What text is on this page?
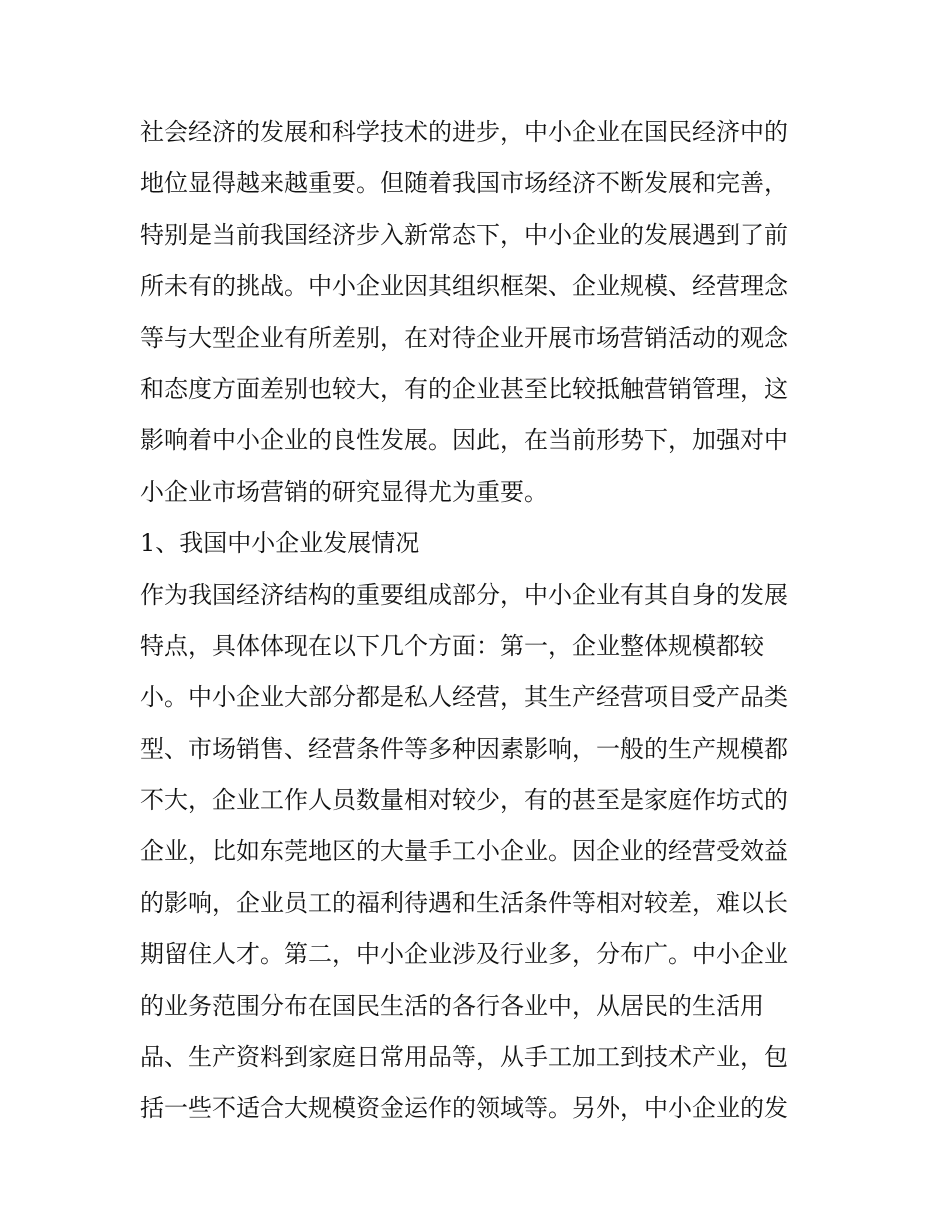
社会经济的发展和科学技术的进步，中小企业在国民经济中的
地位显得越来越重要。但随着我国市场经济不断发展和完善，
特别是当前我国经济步入新常态下，中小企业的发展遇到了前
所未有的挑战。中小企业因其组织框架、企业规模、经营理念
等与大型企业有所差别，在对待企业开展市场营销活动的观念
和态度方面差别也较大，有的企业甚至比较抵触营销管理，这
影响着中小企业的良性发展。因此，在当前形势下，加强对中
小企业市场营销的研究显得尤为重要。
1、我国中小企业发展情况
作为我国经济结构的重要组成部分，中小企业有其自身的发展
特点，具体体现在以下几个方面：第一，企业整体规模都较
小。中小企业大部分都是私人经营，其生产经营项目受产品类
型、市场销售、经营条件等多种因素影响，一般的生产规模都
不大，企业工作人员数量相对较少，有的甚至是家庭作坊式的
企业，比如东莞地区的大量手工小企业。因企业的经营受效益
的影响，企业员工的福利待遇和生活条件等相对较差，难以长
期留住人才。第二，中小企业涉及行业多，分布广。中小企业
的业务范围分布在国民生活的各行各业中，从居民的生活用
品、生产资料到家庭日常用品等，从手工加工到技术产业，包
括一些不适合大规模资金运作的领域等。另外，中小企业的发
